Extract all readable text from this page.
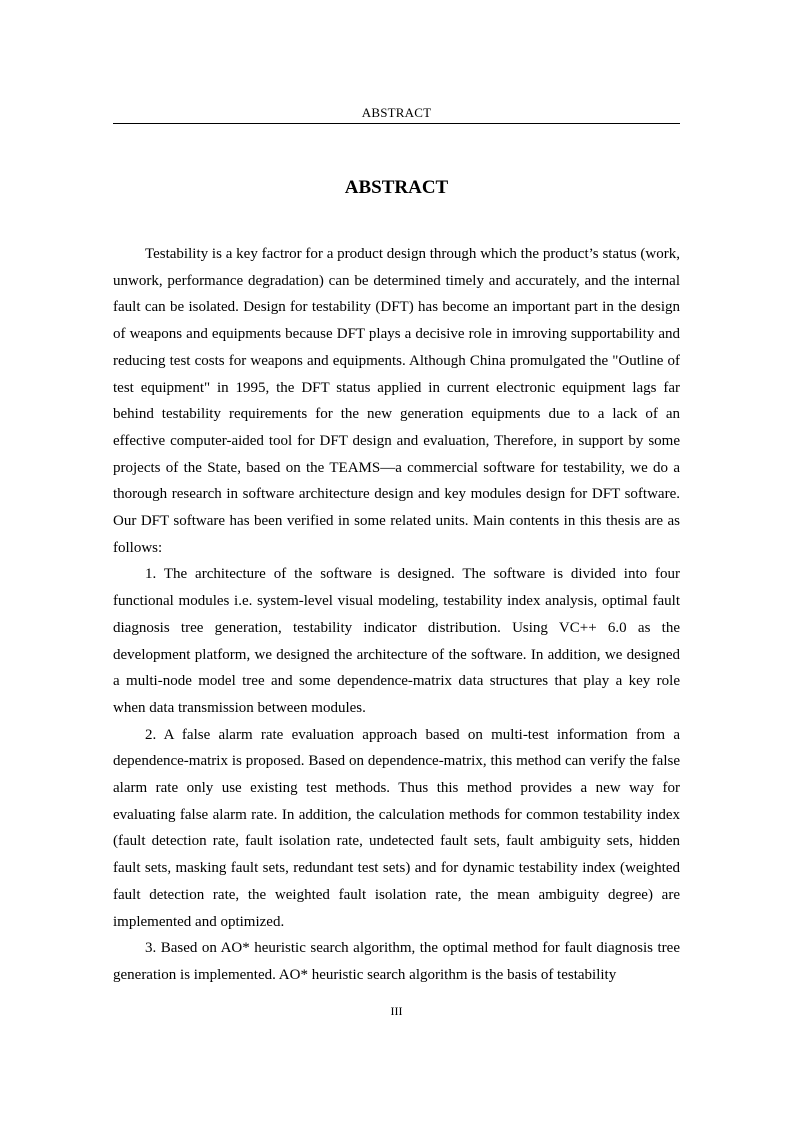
ABSTRACT
ABSTRACT

Testability is a key factror for a product design through which the product’s status (work, unwork, performance degradation) can be determined timely and accurately, and the internal fault can be isolated. Design for testability (DFT) has become an important part in the design of weapons and equipments because DFT plays a decisive role in imroving supportability and reducing test costs for weapons and equipments. Although China promulgated the "Outline of test equipment" in 1995, the DFT status applied in current electronic equipment lags far behind testability requirements for the new generation equipments due to a lack of an effective computer-aided tool for DFT design and evaluation, Therefore, in support by some projects of the State, based on the TEAMS—a commercial software for testability, we do a thorough research in software architecture design and key modules design for DFT software. Our DFT software has been verified in some related units. Main contents in this thesis are as follows:

1. The architecture of the software is designed. The software is divided into four functional modules i.e. system-level visual modeling, testability index analysis, optimal fault diagnosis tree generation, testability indicator distribution. Using VC++ 6.0 as the development platform, we designed the architecture of the software. In addition, we designed a multi-node model tree and some dependence-matrix data structures that play a key role when data transmission between modules.

2. A false alarm rate evaluation approach based on multi-test information from a dependence-matrix is proposed. Based on dependence-matrix, this method can verify the false alarm rate only use existing test methods. Thus this method provides a new way for evaluating false alarm rate. In addition, the calculation methods for common testability index (fault detection rate, fault isolation rate, undetected fault sets, fault ambiguity sets, hidden fault sets, masking fault sets, redundant test sets) and for dynamic testability index (weighted fault detection rate, the weighted fault isolation rate, the mean ambiguity degree) are implemented and optimized.

3. Based on AO* heuristic search algorithm, the optimal method for fault diagnosis tree generation is implemented. AO* heuristic search algorithm is the basis of testability

III
